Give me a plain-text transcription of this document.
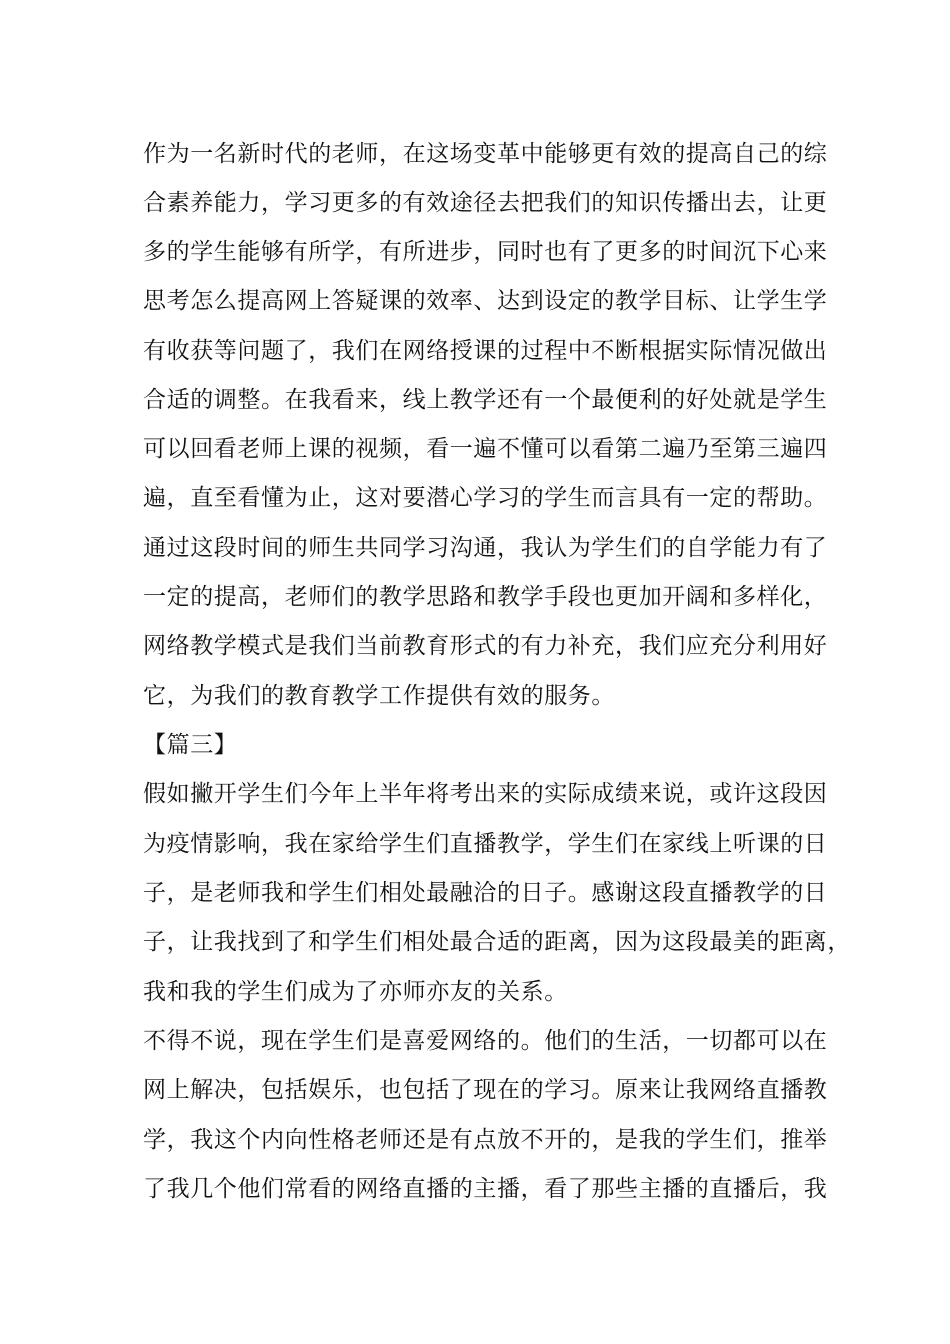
作为一名新时代的老师，在这场变革中能够更有效的提高自己的综
合素养能力，学习更多的有效途径去把我们的知识传播出去，让更
多的学生能够有所学，有所进步，同时也有了更多的时间沉下心来
思考怎么提高网上答疑课的效率、达到设定的教学目标、让学生学
有收获等问题了，我们在网络授课的过程中不断根据实际情况做出
合适的调整。在我看来，线上教学还有一个最便利的好处就是学生
可以回看老师上课的视频，看一遍不懂可以看第二遍乃至第三遍四
遍，直至看懂为止，这对要潜心学习的学生而言具有一定的帮助。
通过这段时间的师生共同学习沟通，我认为学生们的自学能力有了
一定的提高，老师们的教学思路和教学手段也更加开阔和多样化，
网络教学模式是我们当前教育形式的有力补充，我们应充分利用好
它，为我们的教育教学工作提供有效的服务。
【篇三】
假如撇开学生们今年上半年将考出来的实际成绩来说，或许这段因
为疫情影响，我在家给学生们直播教学，学生们在家线上听课的日
子，是老师我和学生们相处最融洽的日子。感谢这段直播教学的日
子，让我找到了和学生们相处最合适的距离，因为这段最美的距离，
我和我的学生们成为了亦师亦友的关系。
不得不说，现在学生们是喜爱网络的。他们的生活，一切都可以在
网上解决，包括娱乐，也包括了现在的学习。原来让我网络直播教
学，我这个内向性格老师还是有点放不开的，是我的学生们，推举
了我几个他们常看的网络直播的主播，看了那些主播的直播后，我
